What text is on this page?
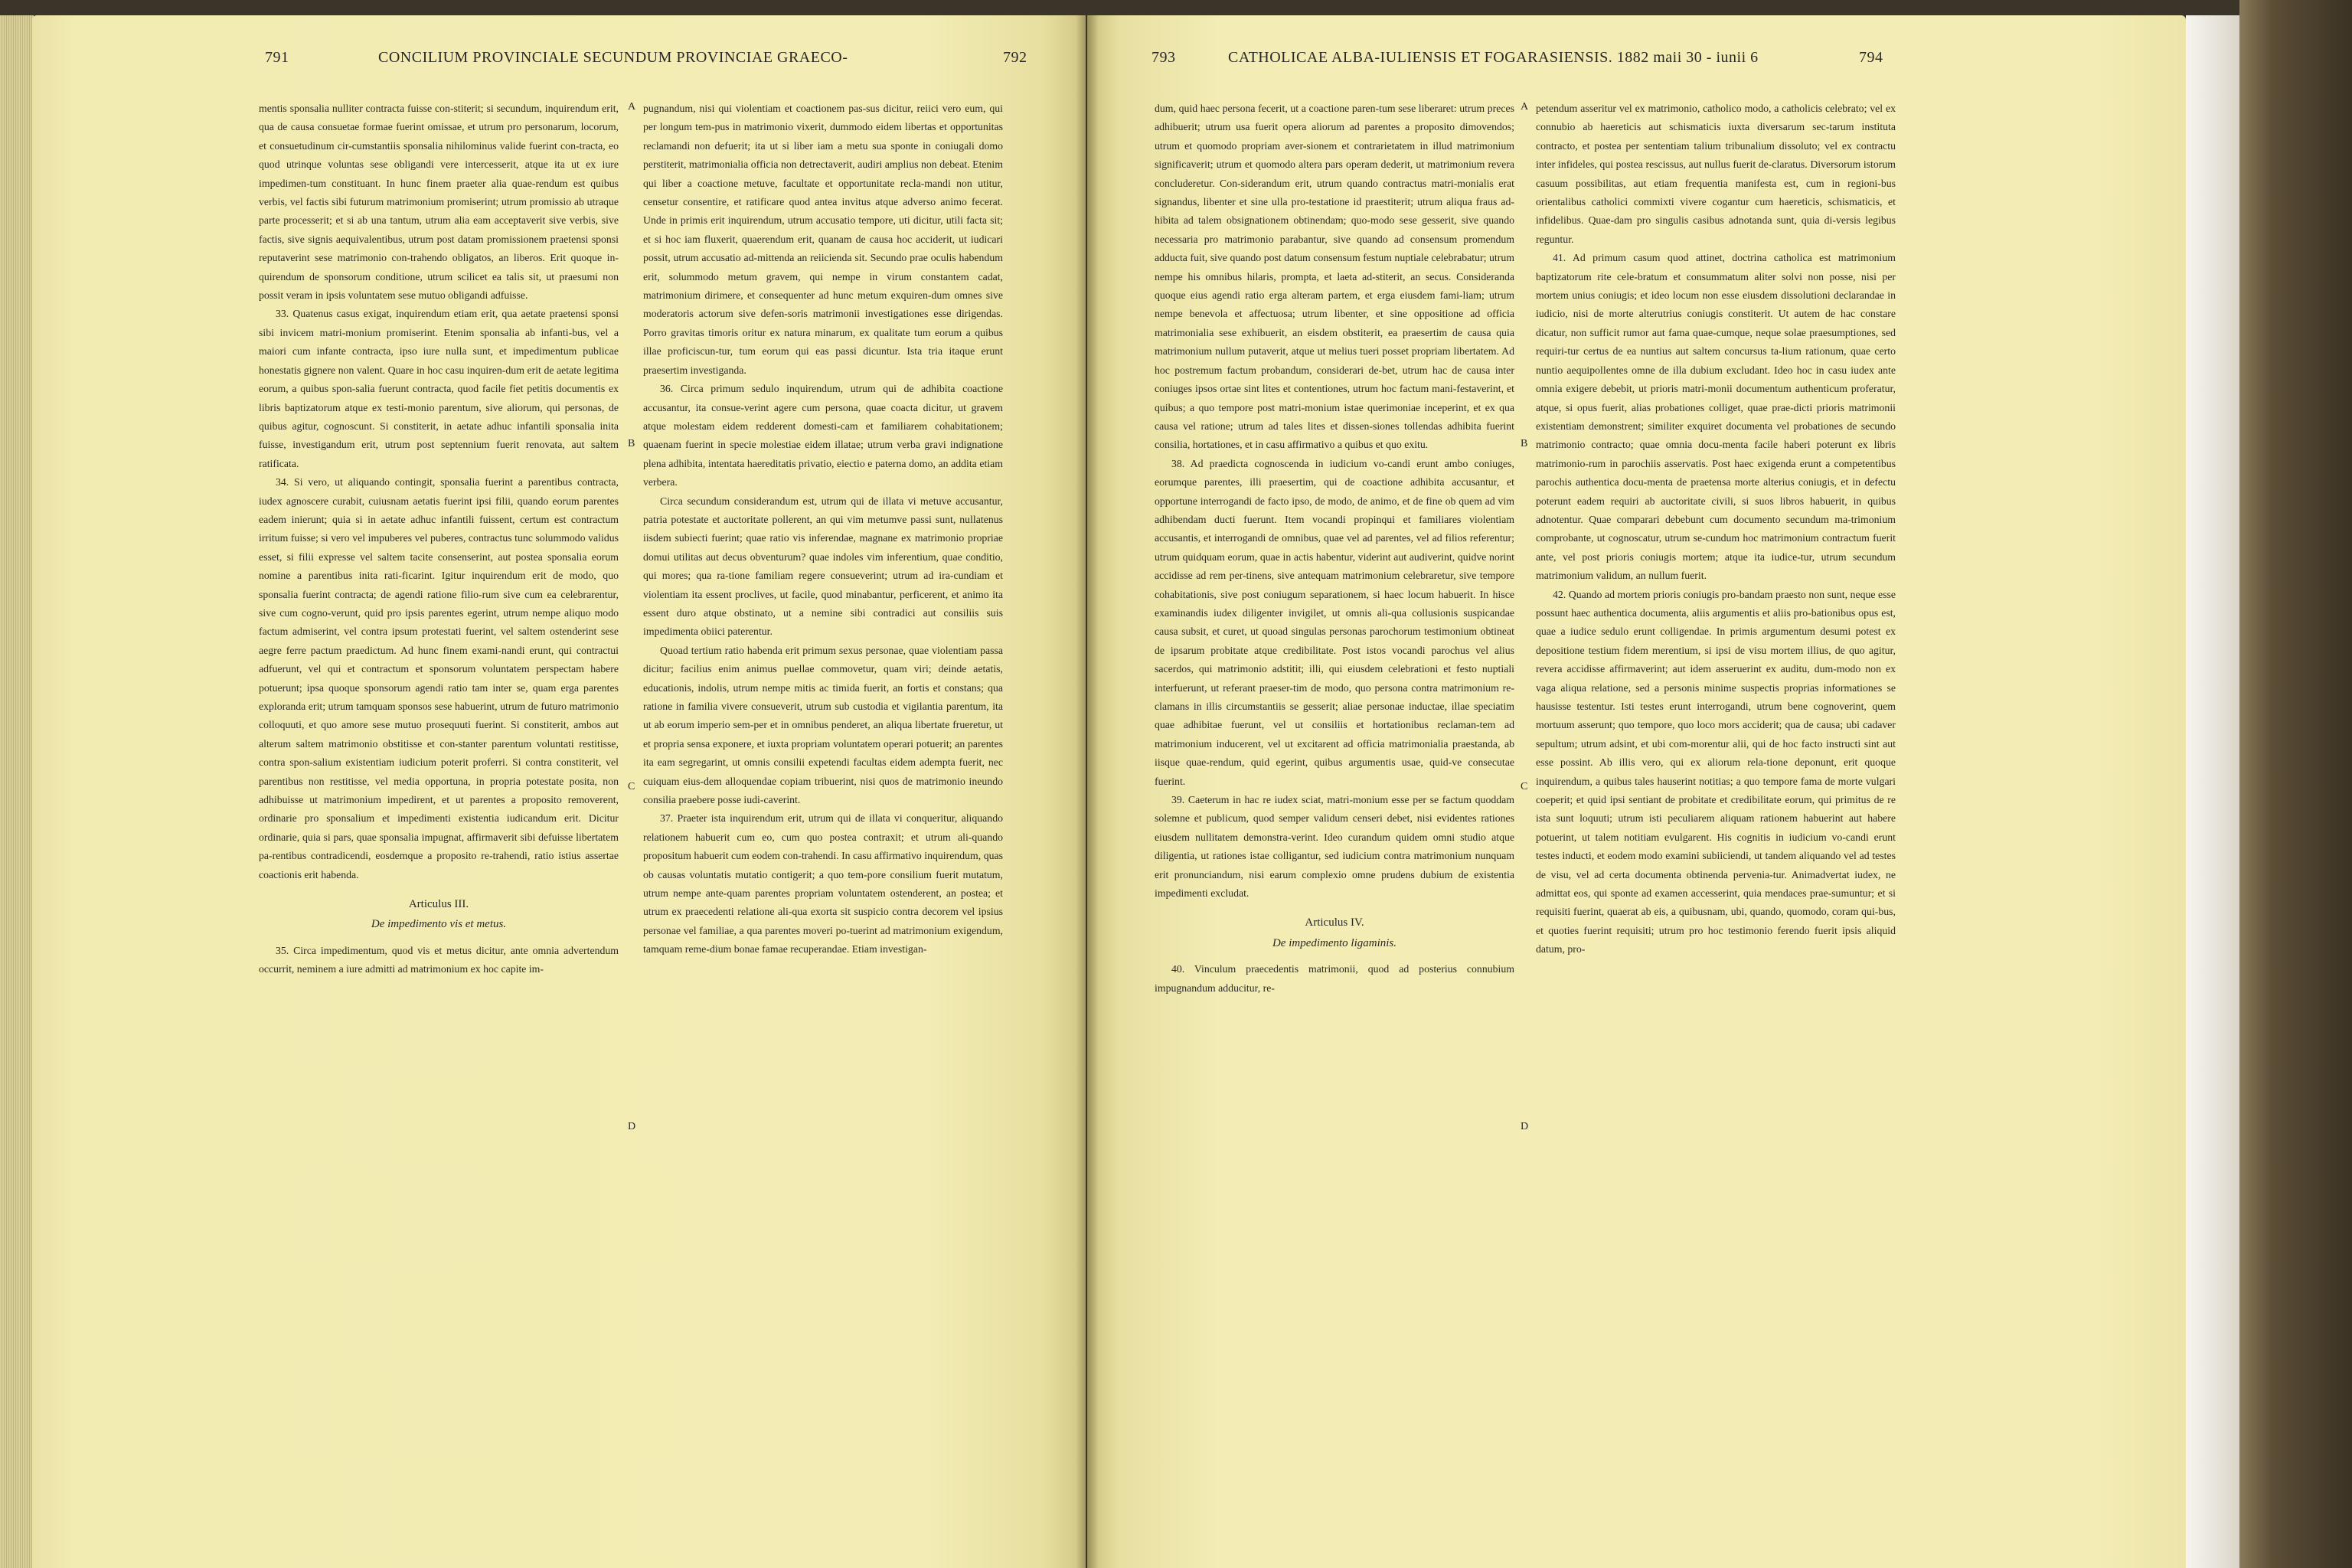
791	CONCILIUM PROVINCIALE SECUNDUM PROVINCIAE GRAECO-	792

mentis sponsalia nulliter contracta fuisse con-stiterit; si secundum, inquirendum erit, qua de causa consuetae formae fuerint omissae, et utrum pro personarum, locorum, et consuetudinum cir-cumstantiis sponsalia nihilominus valide fuerint con-tracta, eo quod utrinque voluntas sese obligandi vere intercesserit, atque ita ut ex iure impedimen-tum constituant. In hunc finem praeter alia quae-rendum est quibus verbis, vel factis sibi futurum matrimonium promiserint; utrum promissio ab utraque parte processerit; et si ab una tantum, utrum alia eam acceptaverit sive verbis, sive factis, sive signis aequivalentibus, utrum post datam promissionem praetensi sponsi reputaverint sese matrimonio con-trahendo obligatos, an liberos. Erit quoque in-quirendum de sponsorum conditione, utrum scilicet ea talis sit, ut praesumi non possit veram in ipsis voluntatem sese mutuo obligandi adfuisse.

33. Quatenus casus exigat, inquirendum etiam erit, qua aetate praetensi sponsi sibi invicem matri-monium promiserint. Etenim sponsalia ab infanti-bus, vel a maiori cum infante contracta, ipso iure nulla sunt, et impedimentum publicae honestatis gignere non valent. Quare in hoc casu inquiren-dum erit de aetate legitima eorum, a quibus spon-salia fuerunt contracta, quod facile fiet petitis documentis ex libris baptizatorum atque ex testi-monio parentum, sive aliorum, qui personas, de quibus agitur, cognoscunt. Si constiterit, in aetate adhuc infantili sponsalia inita fuisse, investigandum erit, utrum post septennium fuerit renovata, aut saltem ratificata.

34. Si vero, ut aliquando contingit, sponsalia fuerint a parentibus contracta, iudex agnoscere curabit, cuiusnam aetatis fuerint ipsi filii, quando eorum parentes eadem inierunt; quia si in aetate adhuc infantili fuissent, certum est contractum irritum fuisse; si vero vel impuberes vel puberes, contractus tunc solummodo validus esset, si filii expresse vel saltem tacite consenserint, aut postea sponsalia eorum nomine a parentibus inita rati-ficarint. Igitur inquirendum erit de modo, quo sponsalia fuerint contracta; de agendi ratione filio-rum sive cum ea celebrarentur, sive cum cogno-verunt, quid pro ipsis parentes egerint, utrum nempe aliquo modo factum admiserint, vel contra ipsum protestati fuerint, vel saltem ostenderint sese aegre ferre pactum praedictum. Ad hunc finem exami-nandi erunt, qui contractui adfuerunt, vel qui et contractum et sponsorum voluntatem perspectam habere potuerunt; ipsa quoque sponsorum agendi ratio tam inter se, quam erga parentes exploranda erit; utrum tamquam sponsos sese habuerint, utrum de futuro matrimonio colloquuti, et quo amore sese mutuo prosequuti fuerint. Si constiterit, ambos aut alterum saltem matrimonio obstitisse et con-stanter parentum voluntati restitisse, contra spon-salium existentiam iudicium poterit proferri. Si contra constiterit, vel parentibus non restitisse, vel media opportuna, in propria potestate posita, non adhibuisse ut matrimonium impedirent, et ut parentes a proposito removerent, ordinarie pro sponsalium et impedimenti existentia iudicandum erit. Dicitur ordinarie, quia si pars, quae sponsalia impugnat, affirmaverit sibi defuisse libertatem pa-rentibus contradicendi, eosdemque a proposito re-trahendi, ratio istius assertae coactionis erit habenda.

Articulus III.
De impedimento vis et metus.

35. Circa impedimentum, quod vis et metus dicitur, ante omnia advertendum occurrit, neminem a iure admitti ad matrimonium ex hoc capite im-

A
B
C
D

pugnandum, nisi qui violentiam et coactionem pas-sus dicitur, reiici vero eum, qui per longum tem-pus in matrimonio vixerit, dummodo eidem libertas et opportunitas reclamandi non defuerit; ita ut si liber iam a metu sua sponte in coniugali domo perstiterit, matrimonialia officia non detrectaverit, audiri amplius non debeat. Etenim qui liber a coactione metuve, facultate et opportunitate recla-mandi non utitur, censetur consentire, et ratificare quod antea invitus atque adverso animo fecerat. Unde in primis erit inquirendum, utrum accusatio tempore, uti dicitur, utili facta sit; et si hoc iam fluxerit, quaerendum erit, quanam de causa hoc acciderit, ut iudicari possit, utrum accusatio ad-mittenda an reiicienda sit. Secundo prae oculis habendum erit, solummodo metum gravem, qui nempe in virum constantem cadat, matrimonium dirimere, et consequenter ad hunc metum exquiren-dum omnes sive moderatoris actorum sive defen-soris matrimonii investigationes esse dirigendas. Porro gravitas timoris oritur ex natura minarum, ex qualitate tum eorum a quibus illae proficiscun-tur, tum eorum qui eas passi dicuntur. Ista tria itaque erunt praesertim investiganda.

36. Circa primum sedulo inquirendum, utrum qui de adhibita coactione accusantur, ita consue-verint agere cum persona, quae coacta dicitur, ut gravem atque molestam eidem redderent domesti-cam et familiarem cohabitationem; quaenam fuerint in specie molestiae eidem illatae; utrum verba gravi indignatione plena adhibita, intentata haereditatis privatio, eiectio e paterna domo, an addita etiam verbera.

Circa secundum considerandum est, utrum qui de illata vi metuve accusantur, patria potestate et auctoritate pollerent, an qui vim metumve passi sunt, nullatenus iisdem subiecti fuerint; quae ratio vis inferendae, magnane ex matrimonio propriae domui utilitas aut decus obventurum? quae indoles vim inferentium, quae conditio, qui mores; qua ra-tione familiam regere consueverint; utrum ad ira-cundiam et violentiam ita essent proclives, ut facile, quod minabantur, perficerent, et animo ita essent duro atque obstinato, ut a nemine sibi contradici aut consiliis suis impedimenta obiici paterentur.

Quoad tertium ratio habenda erit primum sexus personae, quae violentiam passa dicitur; facilius enim animus puellae commovetur, quam viri; deinde aetatis, educationis, indolis, utrum nempe mitis ac timida fuerit, an fortis et constans; qua ratione in familia vivere consueverit, utrum sub custodia et vigilantia parentum, ita ut ab eorum imperio sem-per et in omnibus penderet, an aliqua libertate frueretur, ut et propria sensa exponere, et iuxta propriam voluntatem operari potuerit; an parentes ita eam segregarint, ut omnis consilii expetendi facultas eidem adempta fuerit, nec cuiquam eius-dem alloquendae copiam tribuerint, nisi quos de matrimonio ineundo consilia praebere posse iudi-caverint.

37. Praeter ista inquirendum erit, utrum qui de illata vi conqueritur, aliquando relationem habuerit cum eo, cum quo postea contraxit; et utrum ali-quando propositum habuerit cum eodem con-trahendi. In casu affirmativo inquirendum, quas ob causas voluntatis mutatio contigerit; a quo tem-pore consilium fuerit mutatum, utrum nempe ante-quam parentes propriam voluntatem ostenderent, an postea; et utrum ex praecedenti relatione ali-qua exorta sit suspicio contra decorem vel ipsius personae vel familiae, a qua parentes moveri po-tuerint ad matrimonium exigendum, tamquam reme-dium bonae famae recuperandae. Etiam investigan-

793	CATHOLICAE ALBA-IULIENSIS ET FOGARASIENSIS. 1882 maii 30 - iunii 6	794

dum, quid haec persona fecerit, ut a coactione paren-tum sese liberaret: utrum preces adhibuerit; utrum usa fuerit opera aliorum ad parentes a proposito dimovendos; utrum et quomodo propriam aver-sionem et contrarietatem in illud matrimonium significaverit; utrum et quomodo altera pars operam dederit, ut matrimonium revera concluderetur. Con-siderandum erit, utrum quando contractus matri-monialis erat signandus, libenter et sine ulla pro-testatione id praestiterit; utrum aliqua fraus ad-hibita ad talem obsignationem obtinendam; quo-modo sese gesserit, sive quando necessaria pro matrimonio parabantur, sive quando ad consensum promendum adducta fuit, sive quando post datum consensum festum nuptiale celebrabatur; utrum nempe his omnibus hilaris, prompta, et laeta ad-stiterit, an secus. Consideranda quoque eius agendi ratio erga alteram partem, et erga eiusdem fami-liam; utrum nempe benevola et affectuosa; utrum libenter, et sine oppositione ad officia matrimonialia sese exhibuerit, an eisdem obstiterit, ea praesertim de causa quia matrimonium nullum putaverit, atque ut melius tueri posset propriam libertatem. Ad hoc postremum factum probandum, considerari de-bet, utrum hac de causa inter coniuges ipsos ortae sint lites et contentiones, utrum hoc factum mani-festaverint, et quibus; a quo tempore post matri-monium istae querimoniae inceperint, et ex qua causa vel ratione; utrum ad tales lites et dissen-siones tollendas adhibita fuerint consilia, hortationes, et in casu affirmativo a quibus et quo exitu.

38. Ad praedicta cognoscenda in iudicium vo-candi erunt ambo coniuges, eorumque parentes, illi praesertim, qui de coactione adhibita accusantur, et opportune interrogandi de facto ipso, de modo, de animo, et de fine ob quem ad vim adhibendam ducti fuerunt. Item vocandi propinqui et familiares violentiam accusantis, et interrogandi de omnibus, quae vel ad parentes, vel ad filios referentur; utrum quidquam eorum, quae in actis habentur, viderint aut audiverint, quidve norint accidisse ad rem per-tinens, sive antequam matrimonium celebraretur, sive tempore cohabitationis, sive post coniugum separationem, si haec locum habuerit. In hisce examinandis iudex diligenter invigilet, ut omnis ali-qua collusionis suspicandae causa subsit, et curet, ut quoad singulas personas parochorum testimonium obtineat de ipsarum probitate atque credibilitate. Post istos vocandi parochus vel alius sacerdos, qui matrimonio adstitit; illi, qui eiusdem celebrationi et festo nuptiali interfuerunt, ut referant praeser-tim de modo, quo persona contra matrimonium re-clamans in illis circumstantiis se gesserit; aliae personae inductae, illae speciatim quae adhibitae fuerunt, vel ut consiliis et hortationibus reclaman-tem ad matrimonium inducerent, vel ut excitarent ad officia matrimonialia praestanda, ab iisque quae-rendum, quid egerint, quibus argumentis usae, quid-ve consecutae fuerint.

39. Caeterum in hac re iudex sciat, matri-monium esse per se factum quoddam solemne et publicum, quod semper validum censeri debet, nisi evidentes rationes eiusdem nullitatem demonstra-verint. Ideo curandum quidem omni studio atque diligentia, ut rationes istae colligantur, sed iudicium contra matrimonium nunquam erit pronunciandum, nisi earum complexio omne prudens dubium de existentia impedimenti excludat.

Articulus IV.
De impedimento ligaminis.

40. Vinculum praecedentis matrimonii, quod ad posterius connubium impugnandum adducitur, re-

A
B
C
D

petendum asseritur vel ex matrimonio, catholico modo, a catholicis celebrato; vel ex connubio ab haereticis aut schismaticis iuxta diversarum sec-tarum instituta contracto, et postea per sententiam talium tribunalium dissoluto; vel ex contractu inter infideles, qui postea rescissus, aut nullus fuerit de-claratus. Diversorum istorum casuum possibilitas, aut etiam frequentia manifesta est, cum in regioni-bus orientalibus catholici commixti vivere cogantur cum haereticis, schismaticis, et infidelibus. Quae-dam pro singulis casibus adnotanda sunt, quia di-versis legibus reguntur.

41. Ad primum casum quod attinet, doctrina catholica est matrimonium baptizatorum rite cele-bratum et consummatum aliter solvi non posse, nisi per mortem unius coniugis; et ideo locum non esse eiusdem dissolutioni declarandae in iudicio, nisi de morte alterutrius coniugis constiterit. Ut autem de hac constare dicatur, non sufficit rumor aut fama quae-cumque, neque solae praesumptiones, sed requiri-tur certus de ea nuntius aut saltem concursus ta-lium rationum, quae certo nuntio aequipollentes omne de illa dubium excludant. Ideo hoc in casu iudex ante omnia exigere debebit, ut prioris matri-monii documentum authenticum proferatur, atque, si opus fuerit, alias probationes colliget, quae prae-dicti prioris matrimonii existentiam demonstrent; similiter exquiret documenta vel probationes de secundo matrimonio contracto; quae omnia docu-menta facile haberi poterunt ex libris matrimonio-rum in parochiis asservatis. Post haec exigenda erunt a competentibus parochis authentica docu-menta de praetensa morte alterius coniugis, et in defectu poterunt eadem requiri ab auctoritate civili, si suos libros habuerit, in quibus adnotentur. Quae comparari debebunt cum documento secundum ma-trimonium comprobante, ut cognoscatur, utrum se-cundum hoc matrimonium contractum fuerit ante, vel post prioris coniugis mortem; atque ita iudice-tur, utrum secundum matrimonium validum, an nullum fuerit.

42. Quando ad mortem prioris coniugis pro-bandam praesto non sunt, neque esse possunt haec authentica documenta, aliis argumentis et aliis pro-bationibus opus est, quae a iudice sedulo erunt colligendae. In primis argumentum desumi potest ex depositione testium fidem merentium, si ipsi de visu mortem illius, de quo agitur, revera accidisse affirmaverint; aut idem asseruerint ex auditu, dum-modo non ex vaga aliqua relatione, sed a personis minime suspectis proprias informationes se hausisse testentur. Isti testes erunt interrogandi, utrum bene cognoverint, quem mortuum asserunt; quo tempore, quo loco mors acciderit; qua de causa; ubi cadaver sepultum; utrum adsint, et ubi com-morentur alii, qui de hoc facto instructi sint aut esse possint. Ab illis vero, qui ex aliorum rela-tione deponunt, erit quoque inquirendum, a quibus tales hauserint notitias; a quo tempore fama de morte vulgari coeperit; et quid ipsi sentiant de probitate et credibilitate eorum, qui primitus de re ista sunt loquuti; utrum isti peculiarem aliquam rationem habuerint aut habere potuerint, ut talem notitiam evulgarent. His cognitis in iudicium vo-candi erunt testes inducti, et eodem modo examini subiiciendi, ut tandem aliquando vel ad testes de visu, vel ad certa documenta obtinenda pervenia-tur. Animadvertat iudex, ne admittat eos, qui sponte ad examen accesserint, quia mendaces prae-sumuntur; et si requisiti fuerint, quaerat ab eis, a quibusnam, ubi, quando, quomodo, coram qui-bus, et quoties fuerint requisiti; utrum pro hoc testimonio ferendo fuerit ipsis aliquid datum, pro-
